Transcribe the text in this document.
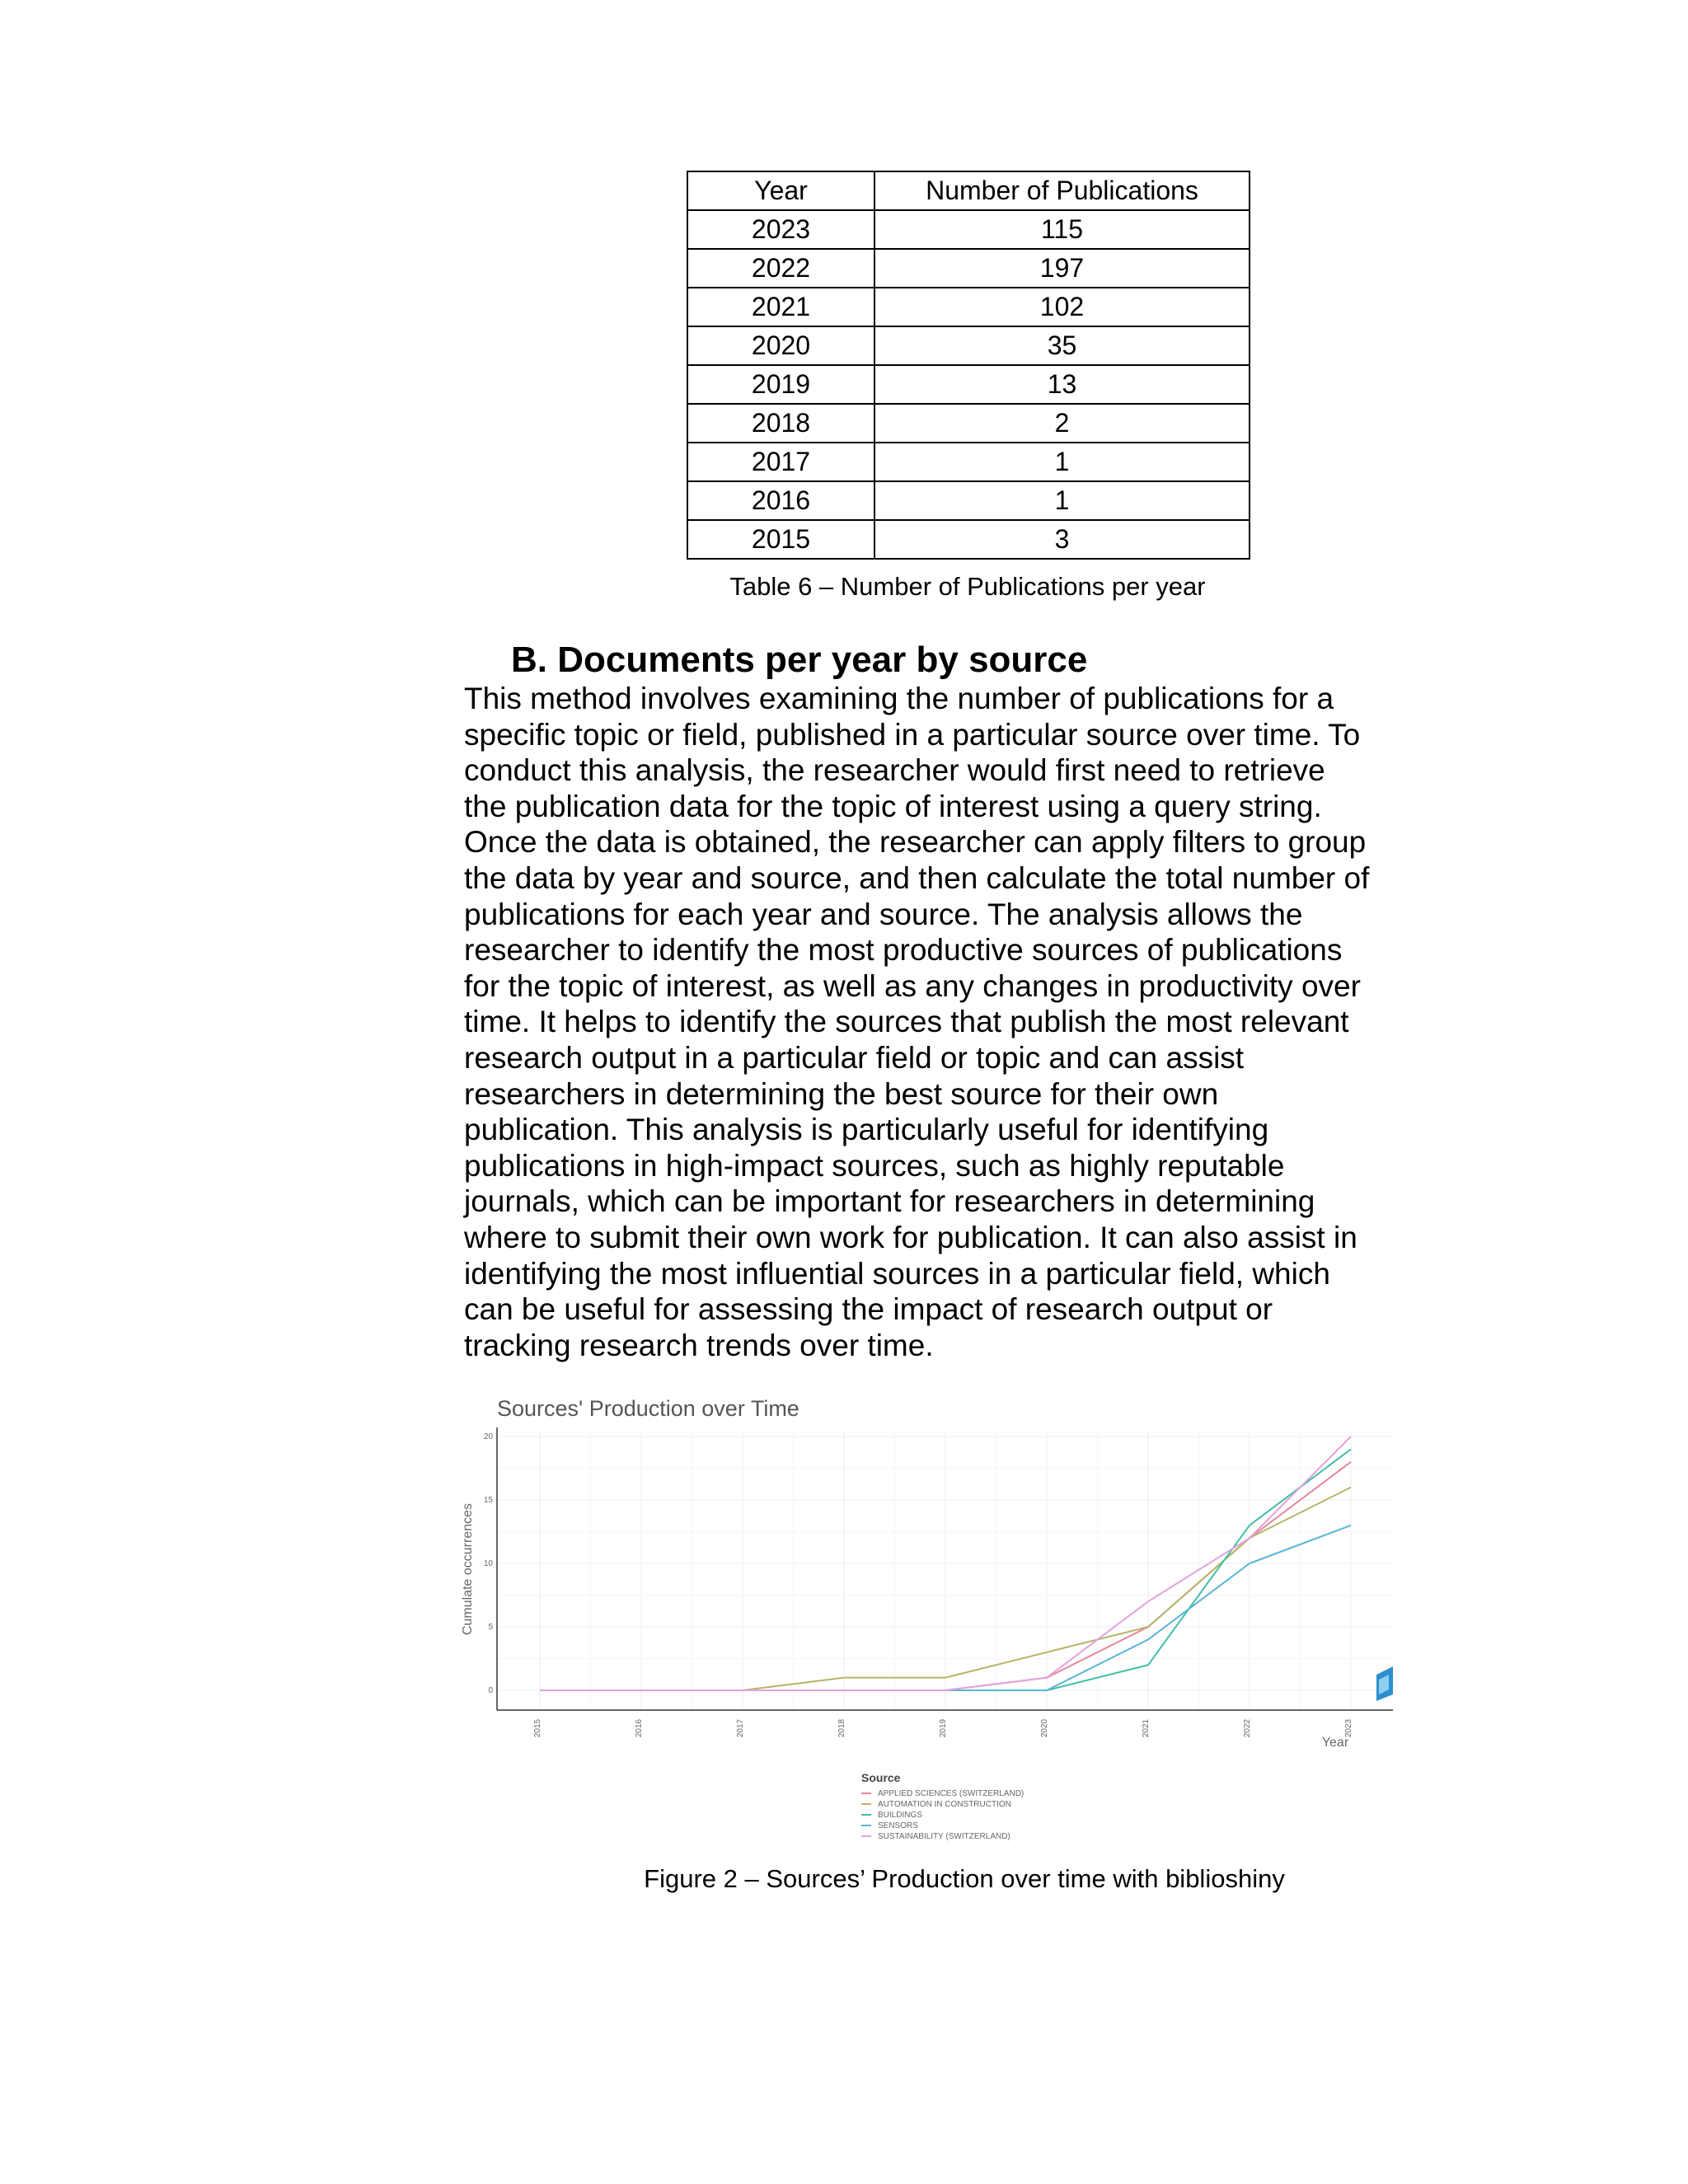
Year	Number of Publications
2023	115
2022	197
2021	102
2020	35
2019	13
2018	2
2017	1
2016	1
2015	3
Table 6 – Number of Publications per year
B. Documents per year by source

This method involves examining the number of publications for a

specific topic or field, published in a particular source over time. To

conduct this analysis, the researcher would first need to retrieve

the publication data for the topic of interest using a query string.

Once the data is obtained, the researcher can apply filters to group

the data by year and source, and then calculate the total number of

publications for each year and source. The analysis allows the

researcher to identify the most productive sources of publications

for the topic of interest, as well as any changes in productivity over

time. It helps to identify the sources that publish the most relevant

research output in a particular field or topic and can assist

researchers in determining the best source for their own

publication. This analysis is particularly useful for identifying

publications in high-impact sources, such as highly reputable

journals, which can be important for researchers in determining

where to submit their own work for publication. It can also assist in

identifying the most influential sources in a particular field, which

can be useful for assessing the impact of research output or

tracking research trends over time.

Sources' Production over Time
0
5
10
15
20
2015	2016	2017	2018	2019	2020	2021	2022	2023
Cumulate occurrences
Year
Source
APPLIED SCIENCES (SWITZERLAND)
AUTOMATION IN CONSTRUCTION
BUILDINGS
SENSORS
SUSTAINABILITY (SWITZERLAND)
Figure 2 – Sources’ Production over time with biblioshiny
